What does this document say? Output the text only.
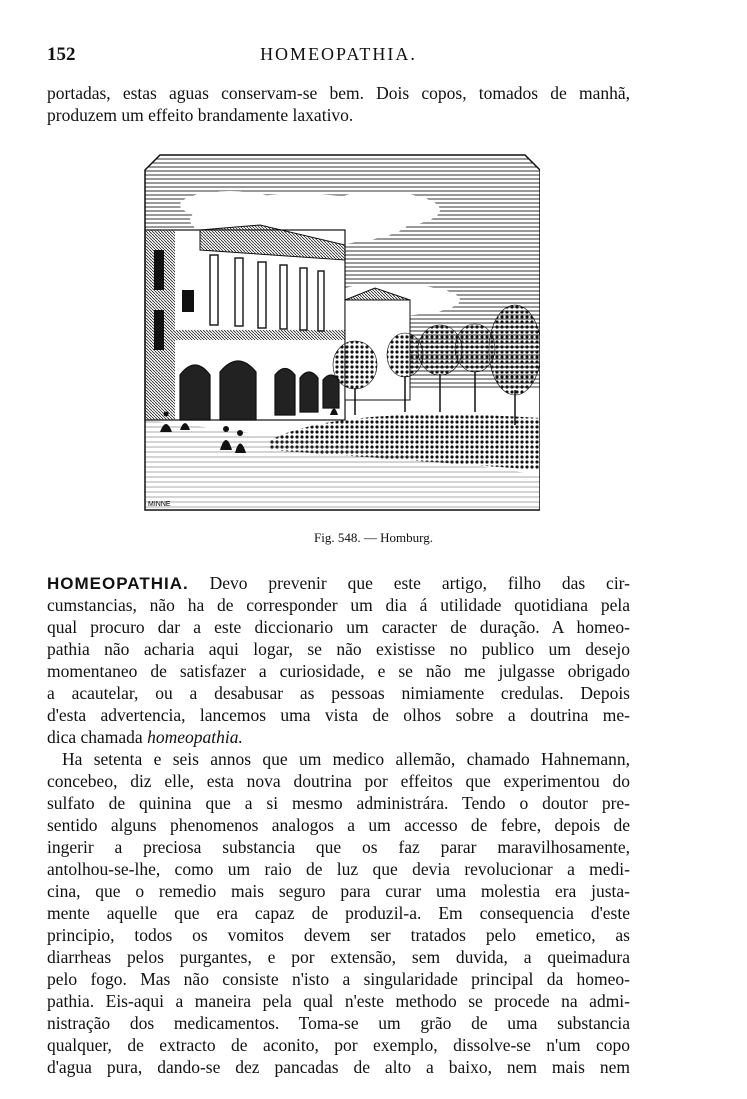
152	HOMEOPATHIA.
portadas, estas aguas conservam-se bem. Dois copos, tomados de manhã,
produzem um effeito brandamente laxativo.
MINNE
Fig. 548. — Homburg.
HOMEOPATHIA. Devo prevenir que este artigo, filho das cir-
cumstancias, não ha de corresponder um dia á utilidade quotidiana pela
qual procuro dar a este diccionario um caracter de duração. A homeo-
pathia não acharia aqui logar, se não existisse no publico um desejo
momentaneo de satisfazer a curiosidade, e se não me julgasse obrigado
a acautelar, ou a desabusar as pessoas nimiamente credulas. Depois
d'esta advertencia, lancemos uma vista de olhos sobre a doutrina me-
dica chamada homeopathia.
Ha setenta e seis annos que um medico allemão, chamado Hahnemann,
concebeo, diz elle, esta nova doutrina por effeitos que experimentou do
sulfato de quinina que a si mesmo administrára. Tendo o doutor pre-
sentido alguns phenomenos analogos a um accesso de febre, depois de
ingerir a preciosa substancia que os faz parar maravilhosamente,
antolhou-se-lhe, como um raio de luz que devia revolucionar a medi-
cina, que o remedio mais seguro para curar uma molestia era justa-
mente aquelle que era capaz de produzil-a. Em consequencia d'este
principio, todos os vomitos devem ser tratados pelo emetico, as
diarrheas pelos purgantes, e por extensão, sem duvida, a queimadura
pelo fogo. Mas não consiste n'isto a singularidade principal da homeo-
pathia. Eis-aqui a maneira pela qual n'este methodo se procede na admi-
nistração dos medicamentos. Toma-se um grão de uma substancia
qualquer, de extracto de aconito, por exemplo, dissolve-se n'um copo
d'agua pura, dando-se dez pancadas de alto a baixo, nem mais nem
